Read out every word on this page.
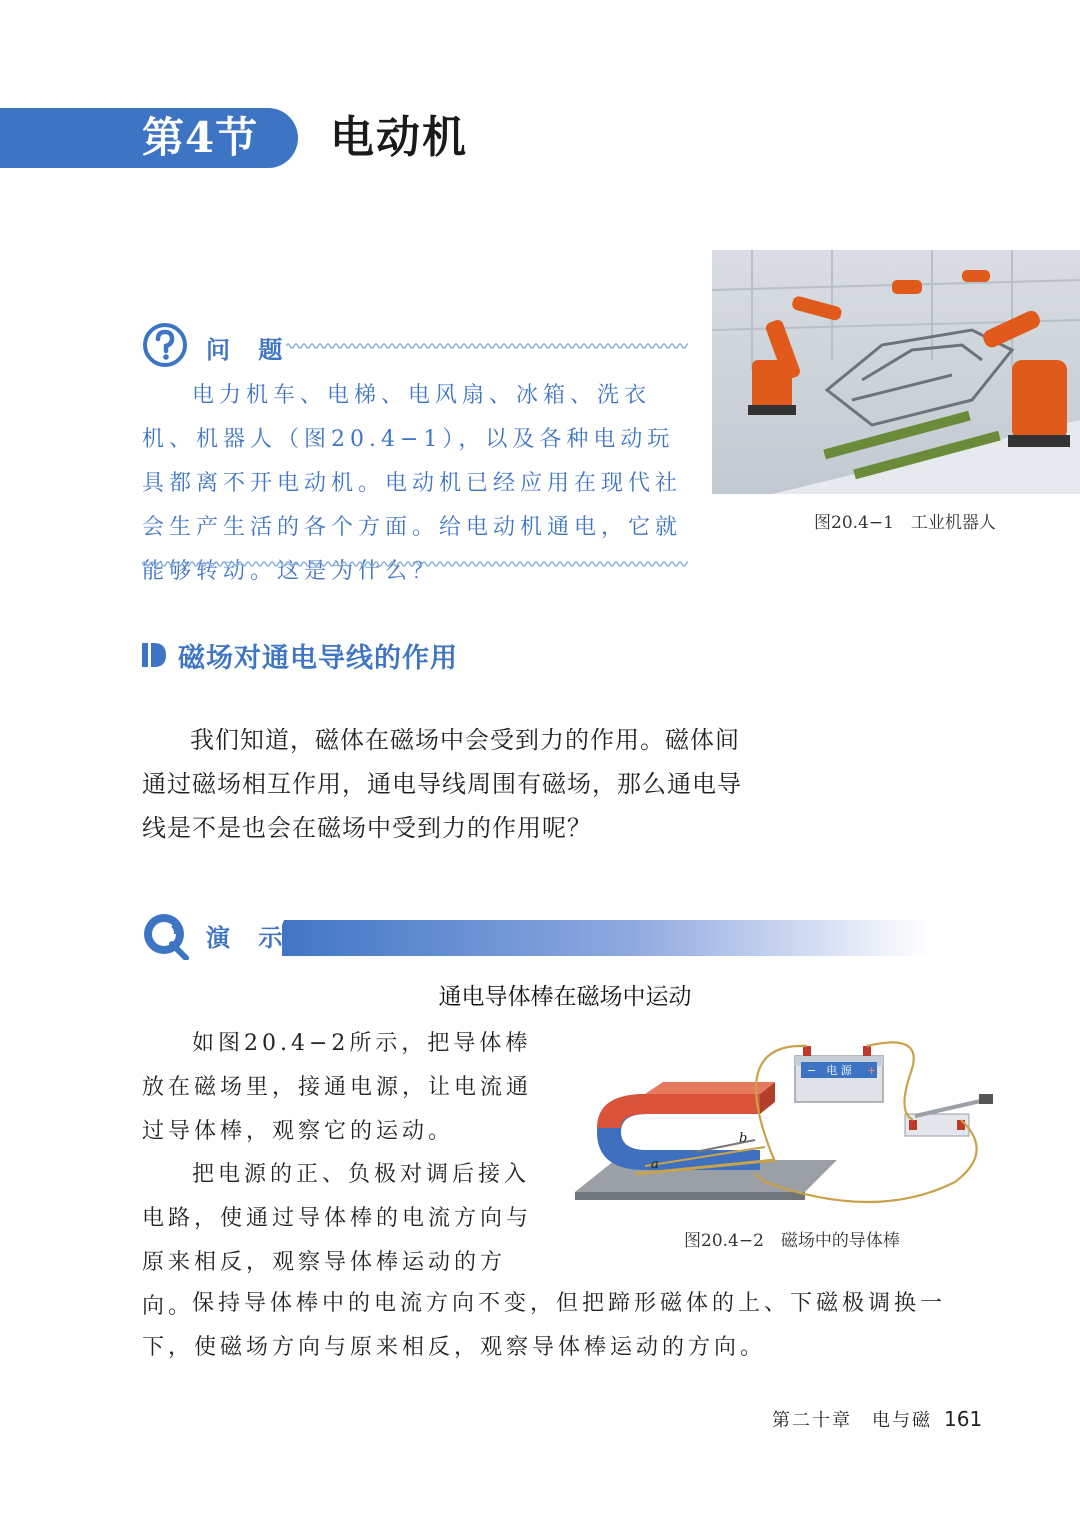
第4节 电动机
问 题
电力机车、电梯、电风扇、冰箱、洗衣机、机器人（图20.4−1），以及各种电动玩具都离不开电动机。电动机已经应用在现代社会生产生活的各个方面。给电动机通电，它就能够转动。这是为什么？
图20.4−1　工业机器人
磁场对通电导线的作用
我们知道，磁体在磁场中会受到力的作用。磁体间通过磁场相互作用，通电导线周围有磁场，那么通电导线是不是也会在磁场中受到力的作用呢？
演 示
通电导体棒在磁场中运动
如图20.4−2所示，把导体棒放在磁场里，接通电源，让电流通过导体棒，观察它的运动。
把电源的正、负极对调后接入电路，使通过导体棒的电流方向与原来相反，观察导体棒运动的方向。
保持导体棒中的电流方向不变，但把蹄形磁体的上、下磁极调换一下，使磁场方向与原来相反，观察导体棒运动的方向。
a
b
电 源
−	+
图20.4−2　磁场中的导体棒
第二十章　电与磁 161
